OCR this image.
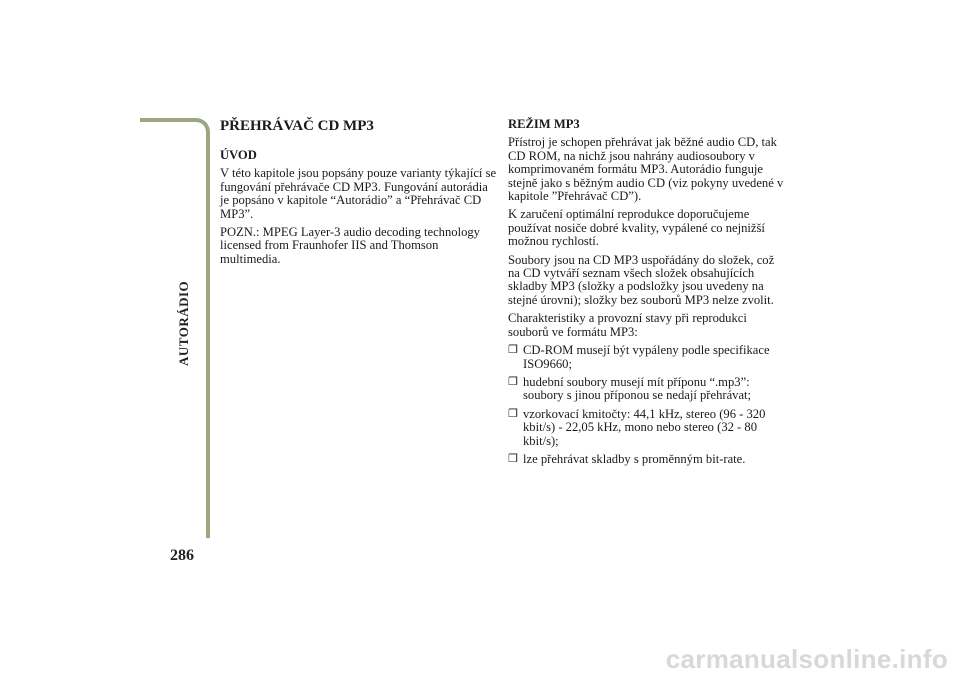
AUTORÁDIO
286
PŘEHRÁVAČ CD MP3
ÚVOD

V této kapitole jsou popsány pouze varianty týkající se fungování přehrávače CD MP3. Fungování autorádia je popsáno v kapitole “Autorádio” a “Přehrávač CD MP3”.

POZN.: MPEG Layer-3 audio decoding technology licensed from Fraunhofer IIS and Thomson multimedia.

REŽIM MP3

Přístroj je schopen přehrávat jak běžné audio CD, tak CD ROM, na nichž jsou nahrány audiosoubory v komprimovaném formátu MP3. Autorádio funguje stejně jako s běžným audio CD (viz pokyny uvedené v kapitole ”Přehrávač CD”).

K zaručení optimální reprodukce doporučujeme používat nosiče dobré kvality, vypálené co nejnižší možnou rychlostí.

Soubory jsou na CD MP3 uspořádány do složek, což na CD vytváří seznam všech složek obsahujících skladby MP3 (složky a podsložky jsou uvedeny na stejné úrovni); složky bez souborů MP3 nelze zvolit.

Charakteristiky a provozní stavy při reprodukci souborů ve formátu MP3:

❒ CD-ROM musejí být vypáleny podle specifikace ISO9660;
❒ hudební soubory musejí mít příponu “.mp3”: soubory s jinou příponou se nedají přehrávat;
❒ vzorkovací kmitočty: 44,1 kHz, stereo (96 - 320 kbit/s) - 22,05 kHz, mono nebo stereo (32 - 80 kbit/s);
❒ lze přehrávat skladby s proměnným bit-rate.
carmanualsonline.info
